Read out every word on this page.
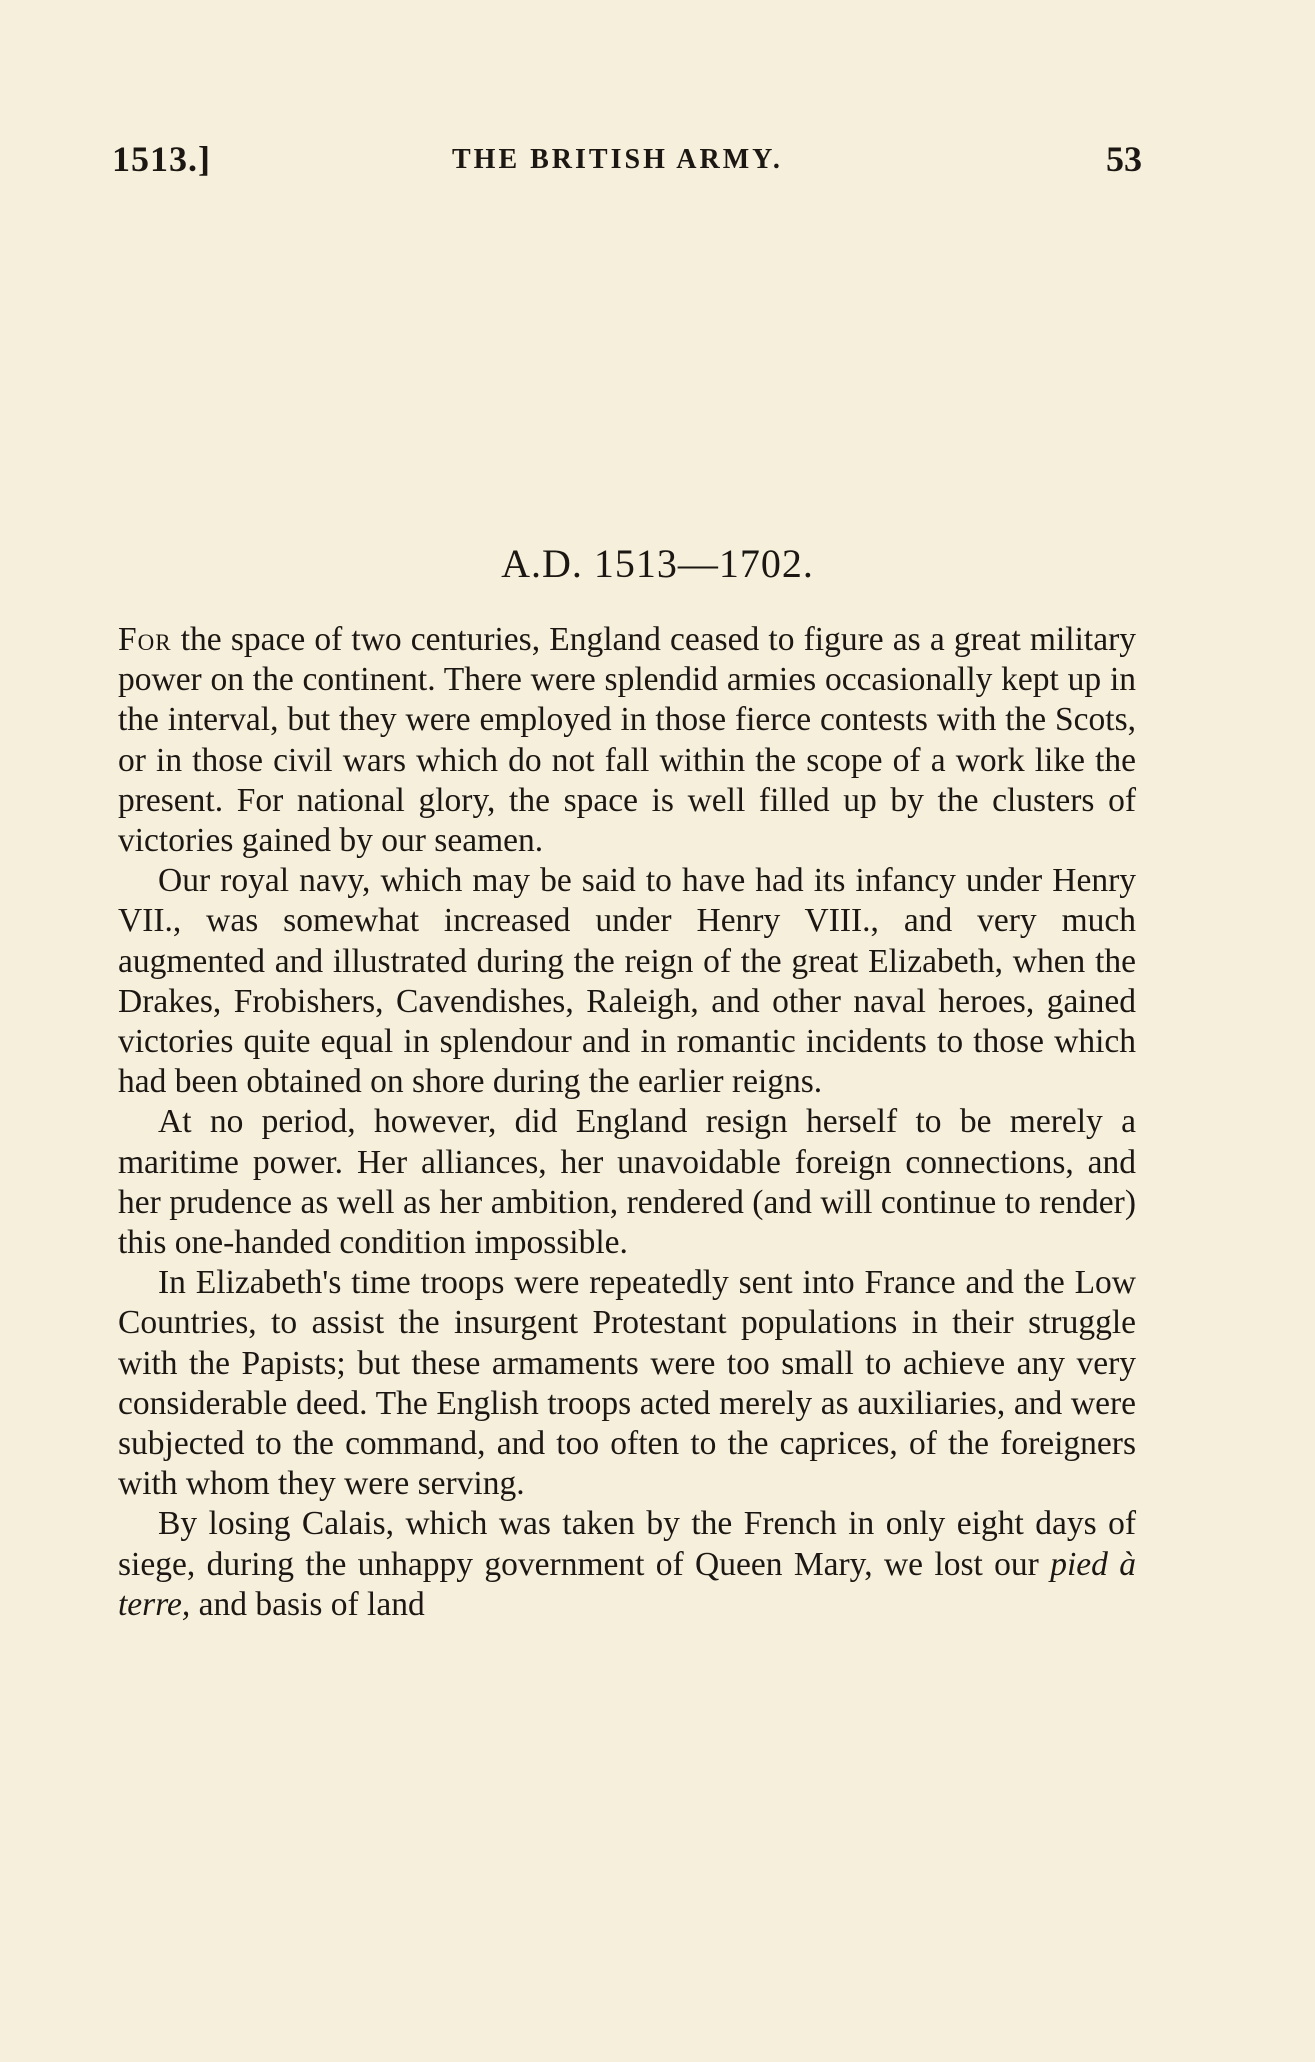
1513.]	THE BRITISH ARMY.	53
A.D. 1513—1702.

For the space of two centuries, England ceased to figure as a great military power on the continent. There were splendid armies occasionally kept up in the interval, but they were employed in those fierce contests with the Scots, or in those civil wars which do not fall within the scope of a work like the present. For national glory, the space is well filled up by the clusters of victories gained by our seamen.

Our royal navy, which may be said to have had its infancy under Henry VII., was somewhat increased under Henry VIII., and very much augmented and illustrated during the reign of the great Elizabeth, when the Drakes, Frobishers, Cavendishes, Raleigh, and other naval heroes, gained victories quite equal in splendour and in romantic incidents to those which had been obtained on shore during the earlier reigns.

At no period, however, did England resign herself to be merely a maritime power. Her alliances, her unavoidable foreign connections, and her prudence as well as her ambition, rendered (and will continue to render) this one-handed condition impossible.

In Elizabeth's time troops were repeatedly sent into France and the Low Countries, to assist the insurgent Protestant populations in their struggle with the Papists; but these armaments were too small to achieve any very considerable deed. The English troops acted merely as auxiliaries, and were subjected to the command, and too often to the caprices, of the foreigners with whom they were serving.

By losing Calais, which was taken by the French in only eight days of siege, during the unhappy government of Queen Mary, we lost our pied à terre, and basis of land
